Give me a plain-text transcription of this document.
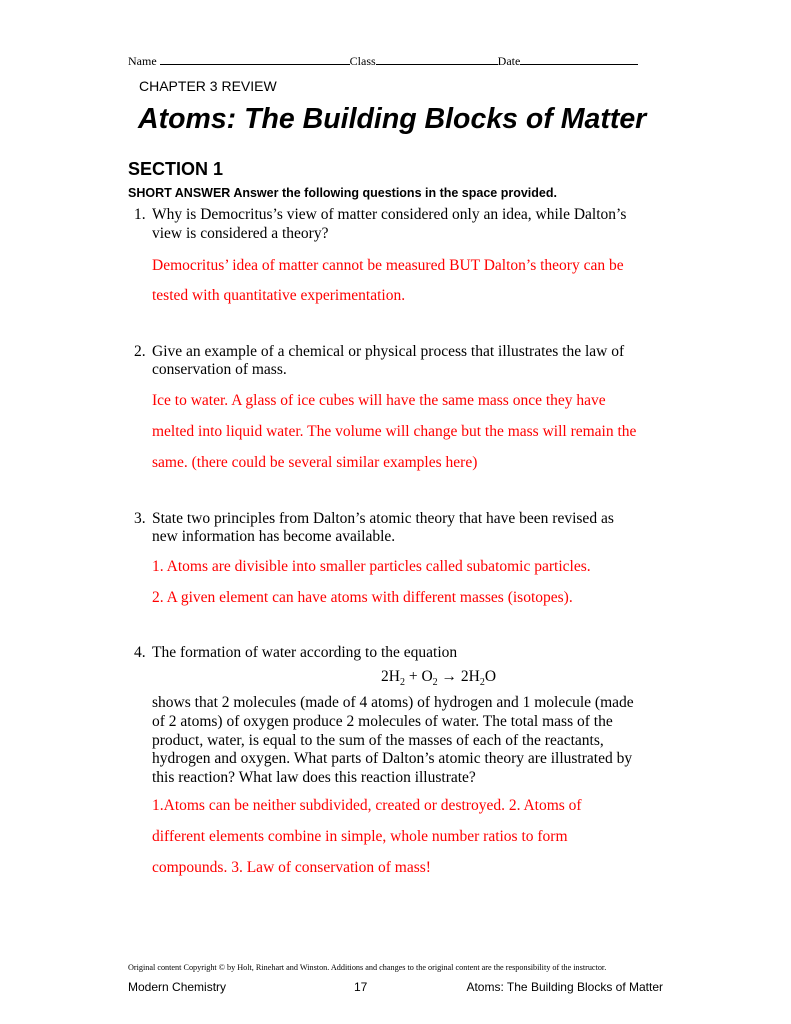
Name	Class	Date
CHAPTER 3 REVIEW
Atoms: The Building Blocks of Matter
SECTION 1
SHORT ANSWER Answer the following questions in the space provided.
1. Why is Democritus’s view of matter considered only an idea, while Dalton’s
view is considered a theory?
Democritus’ idea of matter cannot be measured BUT Dalton’s theory can be
tested with quantitative experimentation.
2. Give an example of a chemical or physical process that illustrates the law of
conservation of mass.
Ice to water. A glass of ice cubes will have the same mass once they have
melted into liquid water. The volume will change but the mass will remain the
same. (there could be several similar examples here)
3. State two principles from Dalton’s atomic theory that have been revised as
new information has become available.
1. Atoms are divisible into smaller particles called subatomic particles.
2. A given element can have atoms with different masses (isotopes).
4. The formation of water according to the equation
$2H_2 + O_2 \to 2H_2O$
shows that 2 molecules (made of 4 atoms) of hydrogen and 1 molecule (made
of 2 atoms) of oxygen produce 2 molecules of water. The total mass of the
product, water, is equal to the sum of the masses of each of the reactants,
hydrogen and oxygen. What parts of Dalton’s atomic theory are illustrated by
this reaction? What law does this reaction illustrate?
1.Atoms can be neither subdivided, created or destroyed. 2. Atoms of
different elements combine in simple, whole number ratios to form
compounds. 3. Law of conservation of mass!
Original content Copyright © by Holt, Rinehart and Winston. Additions and changes to the original content are the responsibility of the instructor.
Modern Chemistry	17	Atoms: The Building Blocks of Matter
